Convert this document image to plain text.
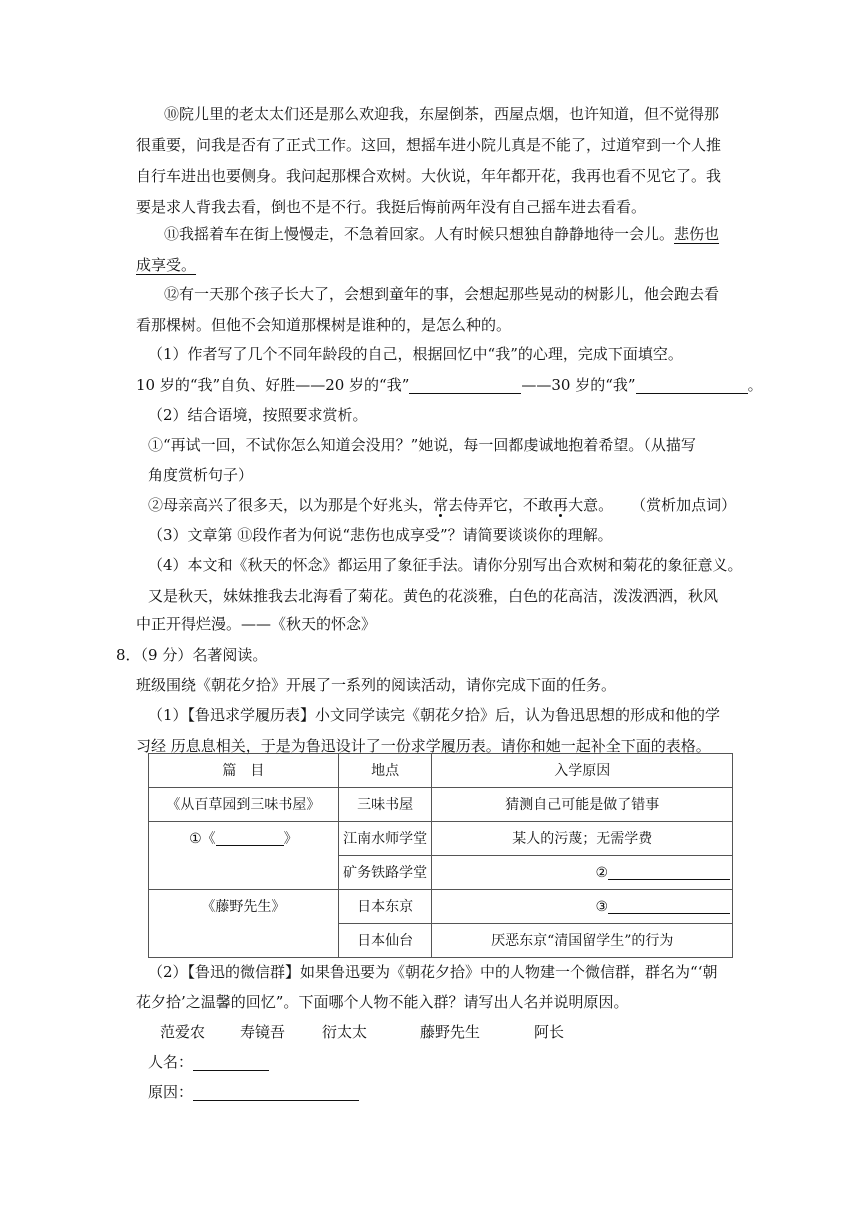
⑩院儿里的老太太们还是那么欢迎我，东屋倒茶，西屋点烟，也许知道，但不觉得那很重要，问我是否有了正式工作。这回，想摇车进小院儿真是不能了，过道窄到一个人推自行车进出也要侧身。我问起那棵合欢树。大伙说，年年都开花，我再也看不见它了。我要是求人背我去看，倒也不是不行。我挺后悔前两年没有自己摇车进去看看。

⑪我摇着车在街上慢慢走，不急着回家。人有时候只想独自静静地待一会儿。悲伤也成享受。

⑫有一天那个孩子长大了，会想到童年的事，会想起那些晃动的树影儿，他会跑去看看那棵树。但他不会知道那棵树是谁种的，是怎么种的。

（1）作者写了几个不同年龄段的自己，根据回忆中“我”的心理，完成下面填空。

10 岁的“我”自负、好胜——20 岁的“我”	——30 岁的“我”	。

（2）结合语境，按照要求赏析。

①“再试一回，不试你怎么知道会没用？”她说，每一回都虔诚地抱着希望。（从描写

角度赏析句子）

②母亲高兴了很多天，以为那是个好兆头，常去侍弄它，不敢再大意。 （赏析加点词）

（3）文章第 ⑪段作者为何说“悲伤也成享受”？请简要谈谈你的理解。

（4）本文和《秋天的怀念》都运用了象征手法。请你分别写出合欢树和菊花的象征意义。

又是秋天，妹妹推我去北海看了菊花。黄色的花淡雅，白色的花高洁，泼泼洒洒，秋风

中正开得烂漫。——《秋天的怀念》

8．（9 分）名著阅读。

班级围绕《朝花夕拾》开展了一系列的阅读活动，请你完成下面的任务。

（1）【鲁迅求学履历表】小文同学读完《朝花夕拾》后，认为鲁迅思想的形成和他的学

习经 历息息相关，于是为鲁迅设计了一份求学履历表。请你和她一起补全下面的表格。

篇　目	地点	入学原因
《从百草园到三味书屋》	三味书屋	猜测自己可能是做了错事
①《 》	江南水师学堂	某人的污蔑；无需学费
	矿务铁路学堂	②
《藤野先生》	日本东京	③
	日本仙台	厌恶东京“清国留学生”的行为

（2）【鲁迅的微信群】如果鲁迅要为《朝花夕拾》中的人物建一个微信群，群名为“‘朝

花夕拾’之温馨的回忆”。下面哪个人物不能入群？请写出人名并说明原因。

范爱农 寿镜吾 衍太太	藤野先生	阿长

人名：

原因：
